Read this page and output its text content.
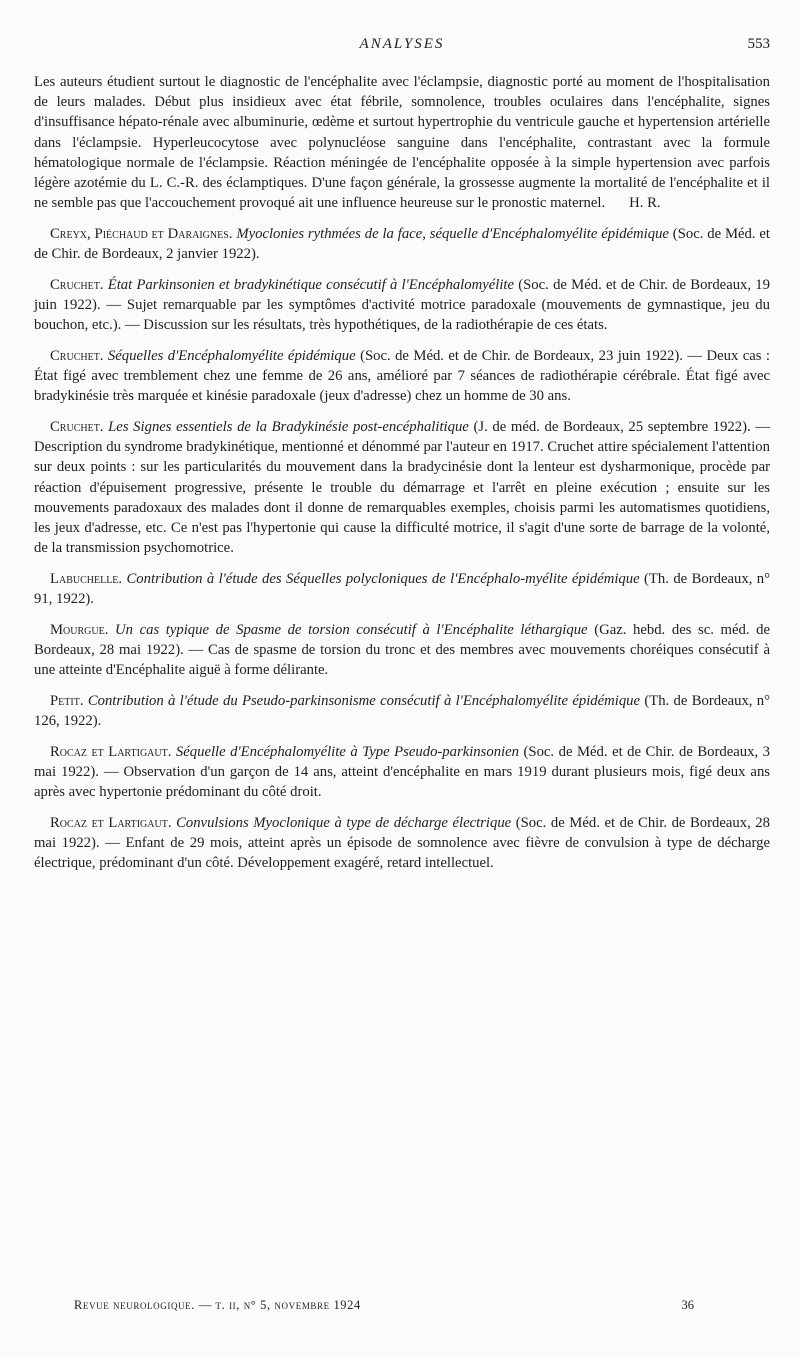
ANALYSES	553

Les auteurs étudient surtout le diagnostic de l'encéphalite avec l'éclampsie, diagnostic porté au moment de l'hospitalisation de leurs malades. Début plus insidieux avec état fébrile, somnolence, troubles oculaires dans l'encéphalite, signes d'insuffisance hépato-rénale avec albuminurie, œdème et surtout hypertrophie du ventricule gauche et hypertension artérielle dans l'éclampsie. Hyperleucocytose avec polynucléose sanguine dans l'encéphalite, contrastant avec la formule hématologique normale de l'éclampsie. Réaction méningée de l'encéphalite opposée à la simple hypertension avec parfois légère azotémie du L. C.-R. des éclamptiques. D'une façon générale, la grossesse augmente la mortalité de l'encéphalite et il ne semble pas que l'accouchement provoqué ait une influence heureuse sur le pronostic maternel. H. R.

Creyx, Piéchaud et Daraignes. Myoclonies rythmées de la face, séquelle d'Encéphalomyélite épidémique (Soc. de Méd. et de Chir. de Bordeaux, 2 janvier 1922).

Cruchet. État Parkinsonien et bradykinétique consécutif à l'Encéphalomyélite (Soc. de Méd. et de Chir. de Bordeaux, 19 juin 1922). — Sujet remarquable par les symptômes d'activité motrice paradoxale (mouvements de gymnastique, jeu du bouchon, etc.). — Discussion sur les résultats, très hypothétiques, de la radiothérapie de ces états.

Cruchet. Séquelles d'Encéphalomyélite épidémique (Soc. de Méd. et de Chir. de Bordeaux, 23 juin 1922). — Deux cas : État figé avec tremblement chez une femme de 26 ans, amélioré par 7 séances de radiothérapie cérébrale. État figé avec bradykinésie très marquée et kinésie paradoxale (jeux d'adresse) chez un homme de 30 ans.

Cruchet. Les Signes essentiels de la Bradykinésie post-encéphalitique (J. de méd. de Bordeaux, 25 septembre 1922). — Description du syndrome bradykinétique, mentionné et dénommé par l'auteur en 1917. Cruchet attire spécialement l'attention sur deux points : sur les particularités du mouvement dans la bradycinésie dont la lenteur est dysharmonique, procède par réaction d'épuisement progressive, présente le trouble du démarrage et l'arrêt en pleine exécution ; ensuite sur les mouvements paradoxaux des malades dont il donne de remarquables exemples, choisis parmi les automatismes quotidiens, les jeux d'adresse, etc. Ce n'est pas l'hypertonie qui cause la difficulté motrice, il s'agit d'une sorte de barrage de la volonté, de la transmission psychomotrice.

Labuchelle. Contribution à l'étude des Séquelles polycloniques de l'Encéphalo-myélite épidémique (Th. de Bordeaux, n° 91, 1922).

Mourgue. Un cas typique de Spasme de torsion consécutif à l'Encéphalite léthargique (Gaz. hebd. des sc. méd. de Bordeaux, 28 mai 1922). — Cas de spasme de torsion du tronc et des membres avec mouvements choréiques consécutif à une atteinte d'Encéphalite aiguë à forme délirante.

Petit. Contribution à l'étude du Pseudo-parkinsonisme consécutif à l'Encéphalomyélite épidémique (Th. de Bordeaux, n° 126, 1922).

Rocaz et Lartigaut. Séquelle d'Encéphalomyélite à Type Pseudo-parkinsonien (Soc. de Méd. et de Chir. de Bordeaux, 3 mai 1922). — Observation d'un garçon de 14 ans, atteint d'encéphalite en mars 1919 durant plusieurs mois, figé deux ans après avec hypertonie prédominant du côté droit.

Rocaz et Lartigaut. Convulsions Myoclonique à type de décharge électrique (Soc. de Méd. et de Chir. de Bordeaux, 28 mai 1922). — Enfant de 29 mois, atteint après un épisode de somnolence avec fièvre de convulsion à type de décharge électrique, prédominant d'un côté. Développement exagéré, retard intellectuel.

Revue neurologique. — t. ii, n° 5, novembre 1924	36
